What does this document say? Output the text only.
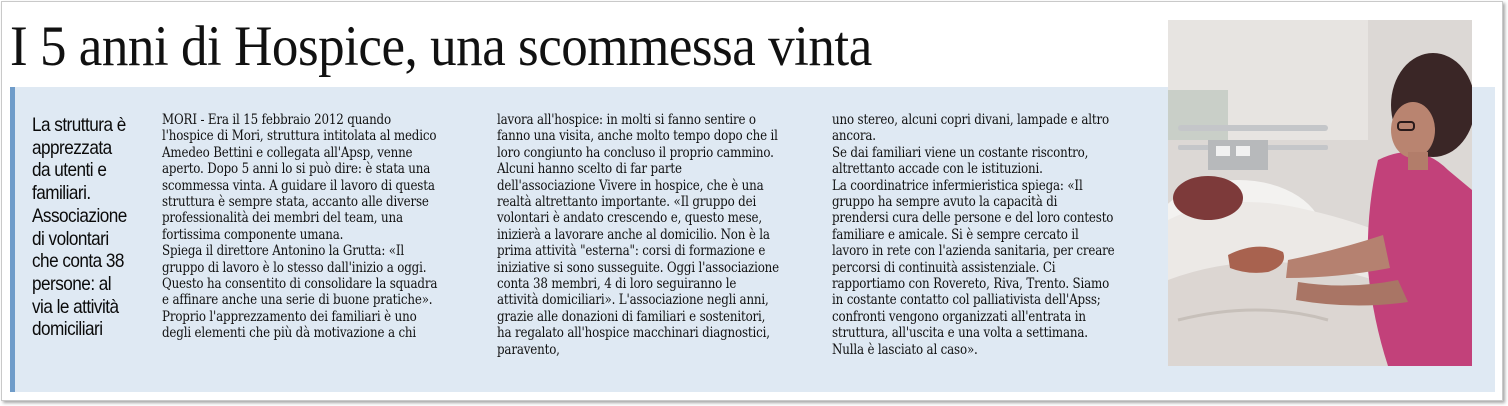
I 5 anni di Hospice, una scommessa vinta

La struttura è apprezzata da utenti e familiari. Associazione di volontari che conta 38 persone: al via le attività domiciliari

MORI - Era il 15 febbraio 2012 quando l'hospice di Mori, struttura intitolata al medico Amedeo Bettini e collegata all'Apsp, venne aperto. Dopo 5 anni lo si può dire: è stata una scommessa vinta. A guidare il lavoro di questa struttura è sempre stata, accanto alle diverse professionalità dei membri del team, una fortissima componente umana.

Spiega il direttore Antonino la Grutta: «Il gruppo di lavoro è lo stesso dall'inizio a oggi. Questo ha consentito di consolidare la squadra e affinare anche una serie di buone pratiche».

Proprio l'apprezzamento dei familiari è uno degli elementi che più dà motivazione a chi

lavora all'hospice: in molti si fanno sentire o fanno una visita, anche molto tempo dopo che il loro congiunto ha concluso il proprio cammino. Alcuni hanno scelto di far parte dell'associazione Vivere in hospice, che è una realtà altrettanto importante. «Il gruppo dei volontari è andato crescendo e, questo mese, inizierà a lavorare anche al domicilio. Non è la prima attività "esterna": corsi di formazione e iniziative si sono susseguite. Oggi l'associazione conta 38 membri, 4 di loro seguiranno le attività domiciliari». L'associazione negli anni, grazie alle donazioni di familiari e sostenitori, ha regalato all'hospice macchinari diagnostici, paravento,

uno stereo, alcuni copri divani, lampade e altro ancora.

Se dai familiari viene un costante riscontro, altrettanto accade con le istituzioni.

La coordinatrice infermieristica spiega: «Il gruppo ha sempre avuto la capacità di prendersi cura delle persone e del loro contesto familiare e amicale. Si è sempre cercato il lavoro in rete con l'azienda sanitaria, per creare percorsi di continuità assistenziale. Ci rapportiamo con Rovereto, Riva, Trento. Siamo in costante contatto col palliativista dell'Apss; confronti vengono organizzati all'entrata in struttura, all'uscita e una volta a settimana. Nulla è lasciato al caso».
